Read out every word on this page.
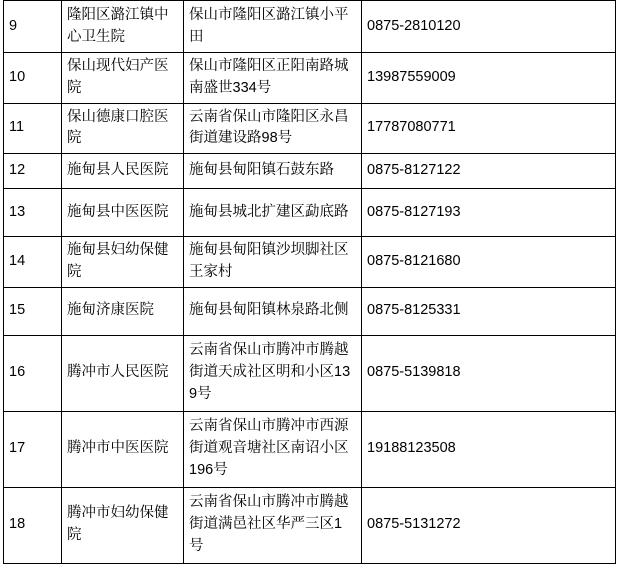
9	隆阳区潞江镇中心卫生院	保山市隆阳区潞江镇小平田	0875-2810120
10	保山现代妇产医院	保山市隆阳区正阳南路城南盛世334号	13987559009
11	保山德康口腔医院	云南省保山市隆阳区永昌街道建设路98号	17787080771
12	施甸县人民医院	施甸县甸阳镇石鼓东路	0875-8127122
13	施甸县中医医院	施甸县城北扩建区勐底路	0875-8127193
14	施甸县妇幼保健院	施甸县甸阳镇沙坝脚社区王家村	0875-8121680
15	施甸济康医院	施甸县甸阳镇林泉路北侧	0875-8125331
16	腾冲市人民医院	云南省保山市腾冲市腾越街道天成社区明和小区139号	0875-5139818
17	腾冲市中医医院	云南省保山市腾冲市西源街道观音塘社区南诏小区196号	19188123508
18	腾冲市妇幼保健院	云南省保山市腾冲市腾越街道满邑社区华严三区1号	0875-5131272
